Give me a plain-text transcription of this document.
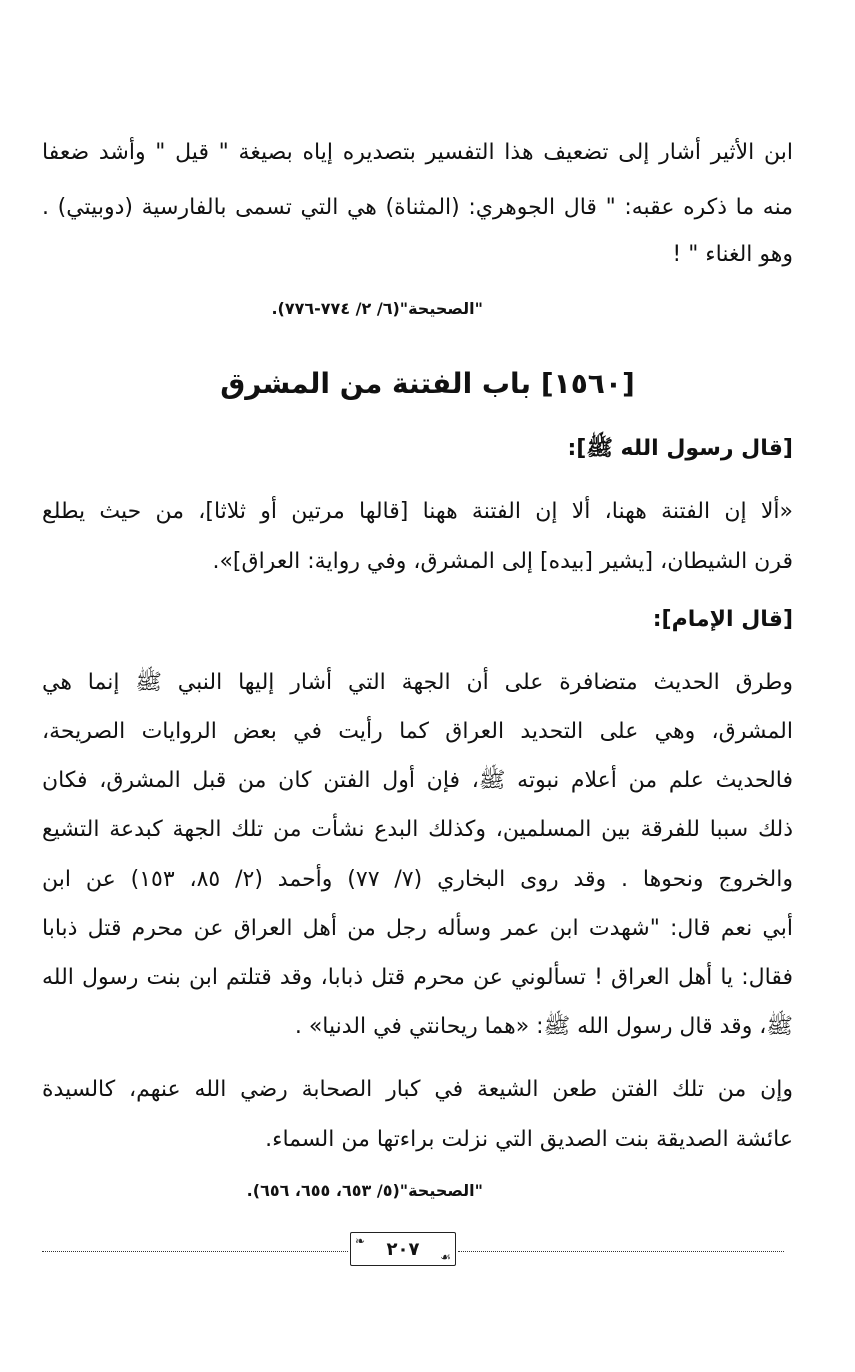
ابن الأثير أشار إلى تضعيف هذا التفسير بتصديره إياه بصيغة " قيل " وأشد ضعفا
منه ما ذكره عقبه: " قال الجوهري: (المثناة) هي التي تسمى بالفارسية (دوبيتي) .
وهو الغناء " !
"الصحيحة"(٦/ ٢/ ٧٧٤-٧٧٦).
[١٥٦٠] باب الفتنة من المشرق
[قال رسول الله ﷺ]:
«ألا إن الفتنة ههنا، ألا إن الفتنة ههنا [قالها مرتين أو ثلاثا]، من حيث يطلع
قرن الشيطان، [يشير [بيده] إلى المشرق، وفي رواية: العراق]».
[قال الإمام]:
وطرق الحديث متضافرة على أن الجهة التي أشار إليها النبي ﷺ إنما هي
المشرق، وهي على التحديد العراق كما رأيت في بعض الروايات الصريحة،
فالحديث علم من أعلام نبوته ﷺ، فإن أول الفتن كان من قبل المشرق، فكان
ذلك سببا للفرقة بين المسلمين، وكذلك البدع نشأت من تلك الجهة كبدعة التشيع
والخروج ونحوها . وقد روى البخاري (٧/ ٧٧) وأحمد (٢/ ٨٥، ١٥٣) عن ابن
أبي نعم قال: "شهدت ابن عمر وسأله رجل من أهل العراق عن محرم قتل ذبابا
فقال: يا أهل العراق ! تسألوني عن محرم قتل ذبابا، وقد قتلتم ابن بنت رسول الله
ﷺ، وقد قال رسول الله ﷺ: «هما ريحانتي في الدنيا» .
وإن من تلك الفتن طعن الشيعة في كبار الصحابة رضي الله عنهم، كالسيدة
عائشة الصديقة بنت الصديق التي نزلت براءتها من السماء.
"الصحيحة"(٥/ ٦٥٣، ٦٥٥، ٦٥٦).
❧
☙
٢٠٧
